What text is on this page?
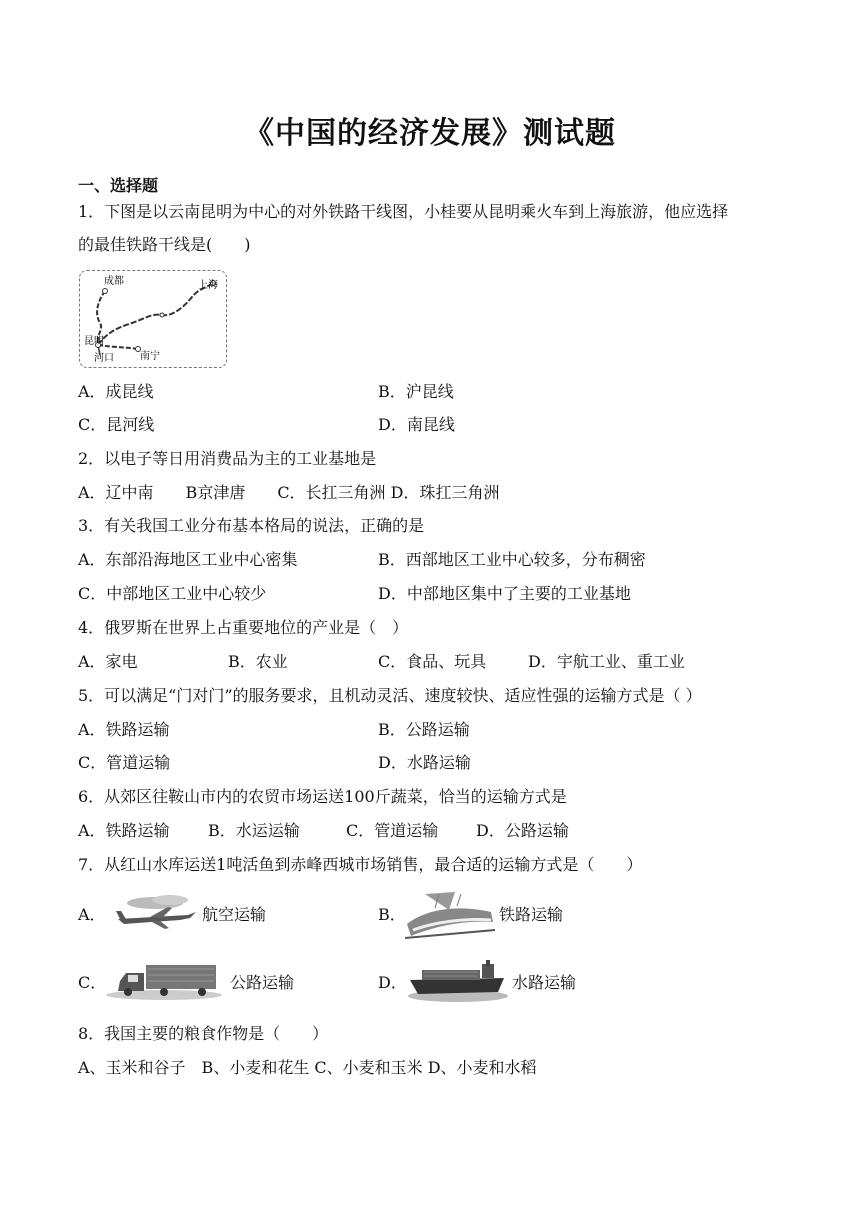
《中国的经济发展》测试题
一、选择题
1．下图是以云南昆明为中心的对外铁路干线图，小桂要从昆明乘火车到上海旅游，他应选择
的最佳铁路干线是(　　)
成都	上海
昆明
河口	南宁
A．成昆线	B．沪昆线
C．昆河线	D．南昆线
2．以电子等日用消费品为主的工业基地是
A．辽中南　　B京津唐　　C．长扛三角洲 D．珠扛三角洲
3．有关我国工业分布基本格局的说法，正确的是
A．东部沿海地区工业中心密集	B．西部地区工业中心较多，分布稠密
C．中部地区工业中心较少	D．中部地区集中了主要的工业基地
4．俄罗斯在世界上占重要地位的产业是（　）
A．家电	B．农业	C．食品、玩具	D．宇航工业、重工业
5．可以满足“门对门”的服务要求，且机动灵活、速度较快、适应性强的运输方式是（ ）
A．铁路运输	B．公路运输
C．管道运输	D．水路运输
6．从郊区往鞍山市内的农贸市场运送100斤蔬菜，恰当的运输方式是
A．铁路运输 B．水运运输	C．管道运输 D．公路运输
7．从红山水库运送1吨活鱼到赤峰西城市场销售，最合适的运输方式是（　　）
A．	航空运输	B．	铁路运输
C．	公路运输	D．	水路运输
8．我国主要的粮食作物是（　　）
A、玉米和谷子　B、小麦和花生 C、小麦和玉米 D、小麦和水稻
